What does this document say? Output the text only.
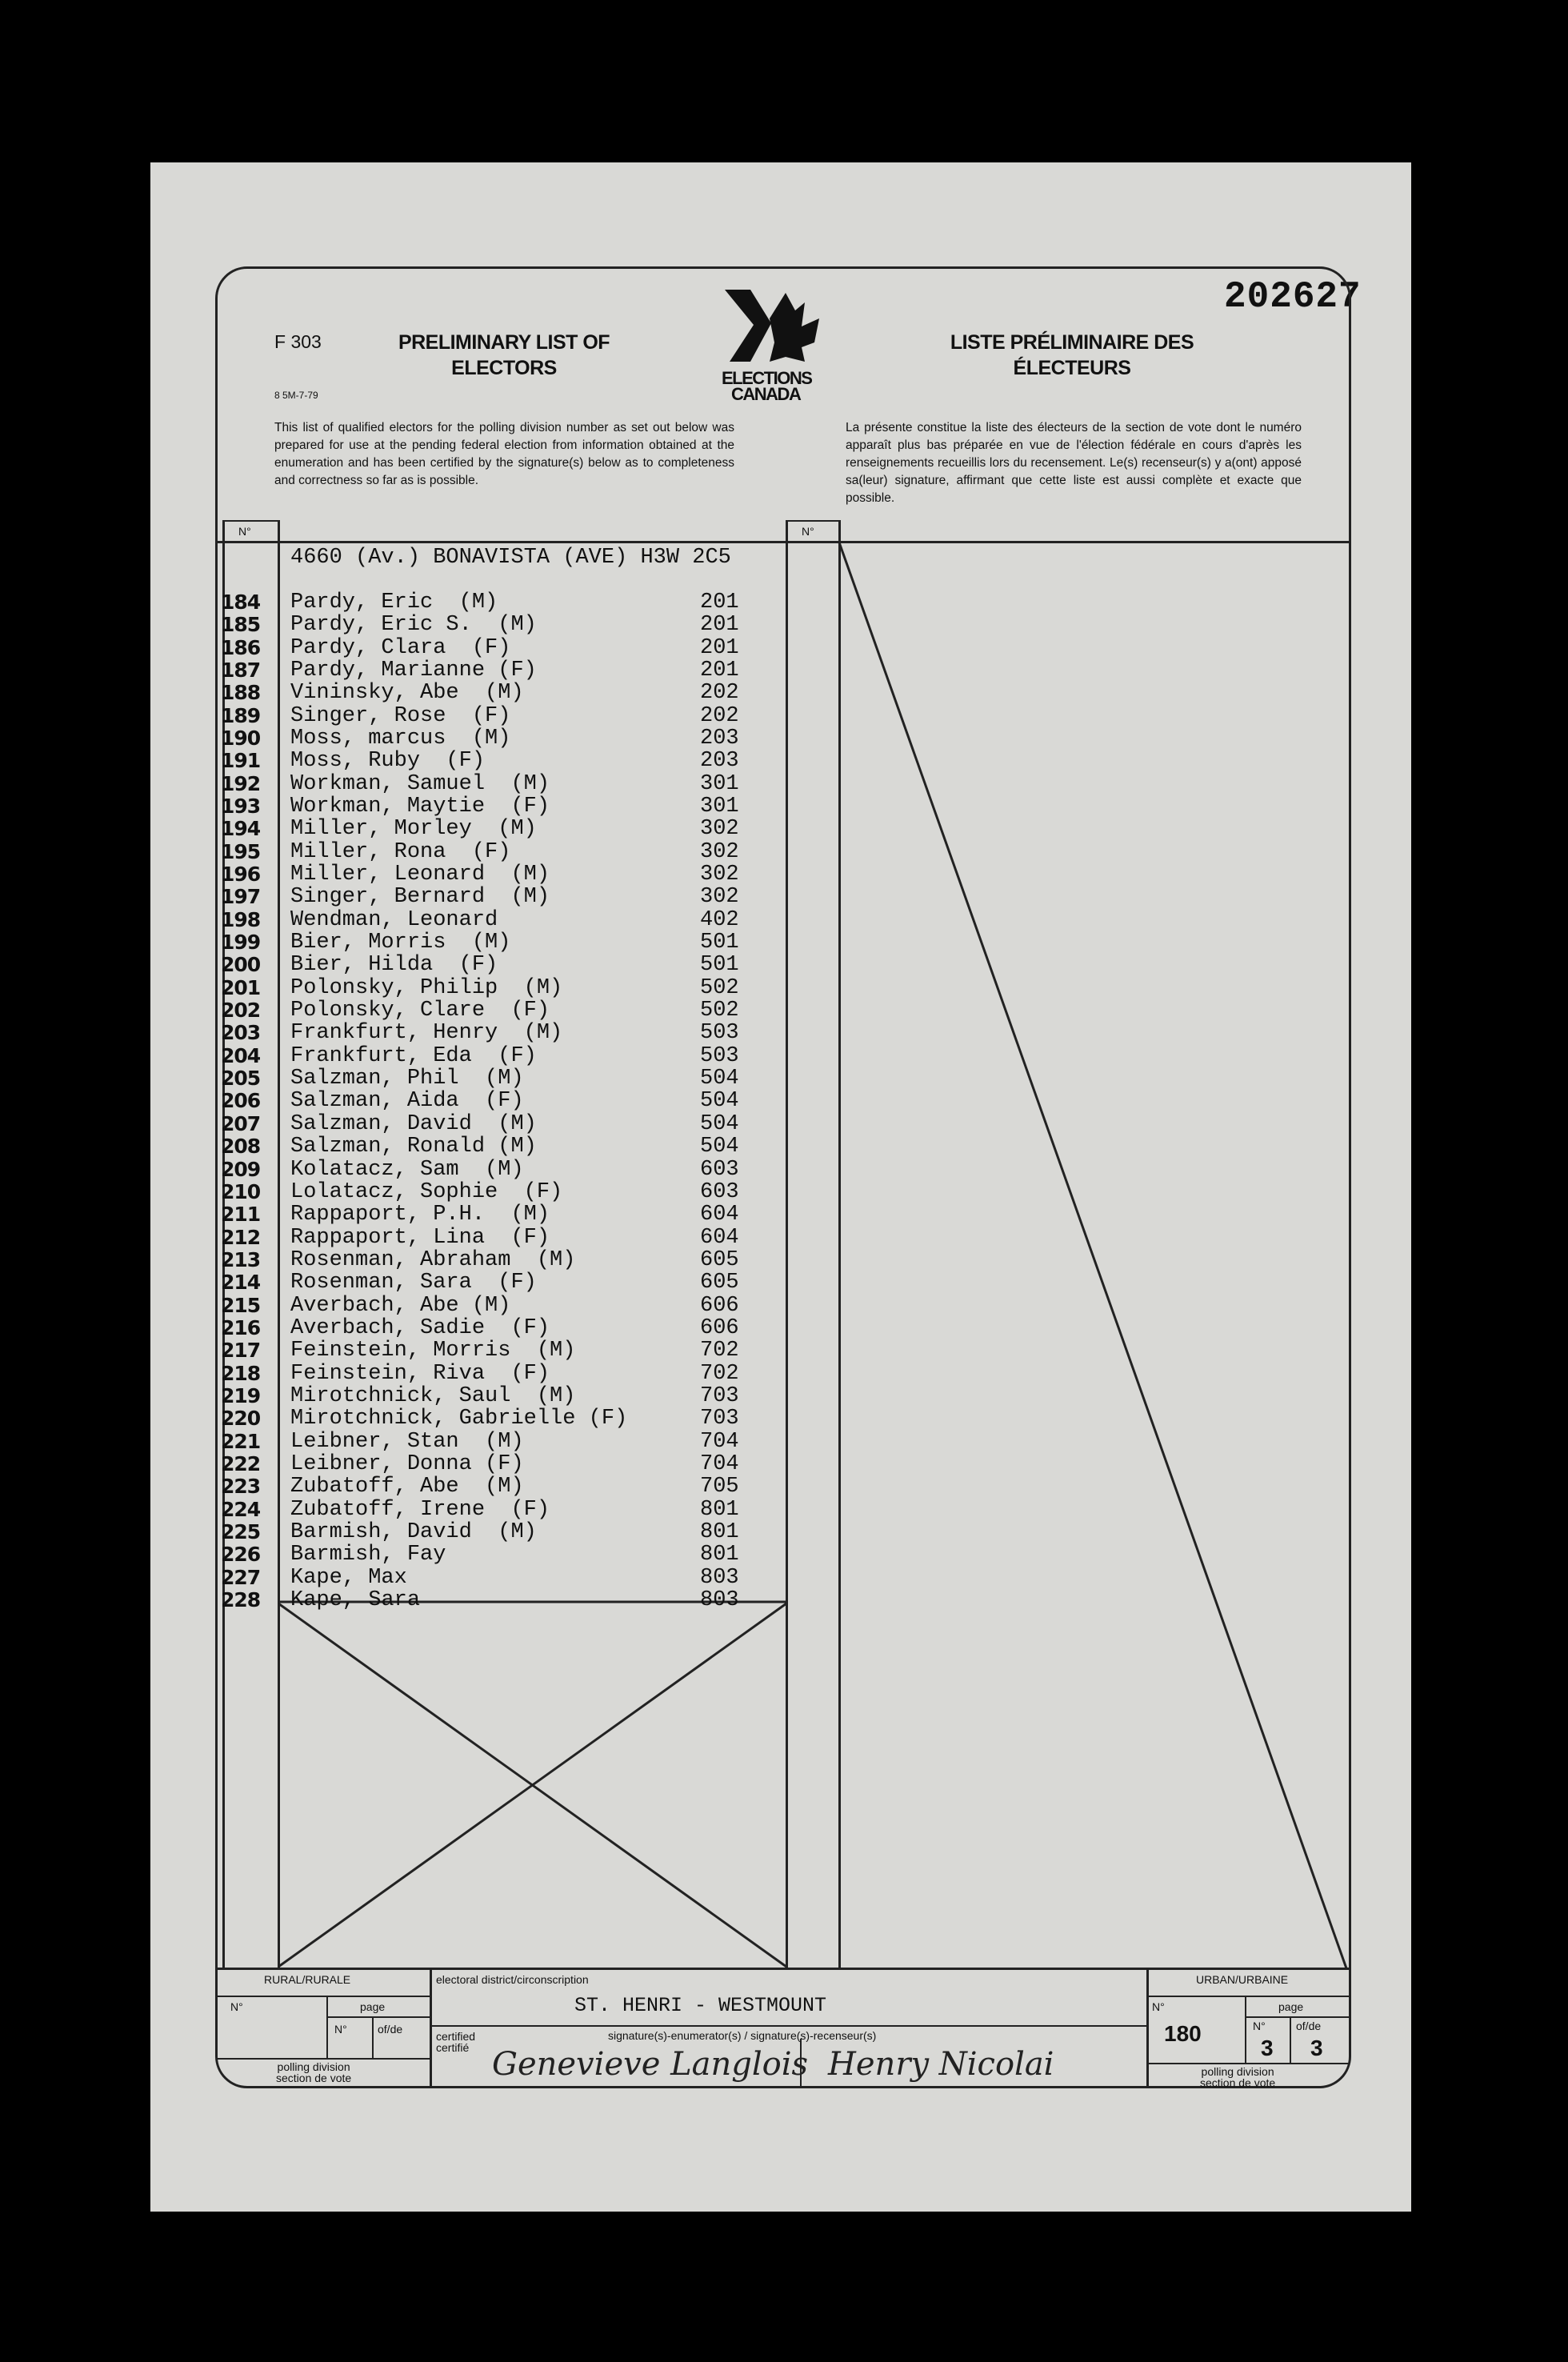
202627
F 303
8 5M-7-79
PRELIMINARY LIST OF
ELECTORS
LISTE PRÉLIMINAIRE DES
ÉLECTEURS
ELECTIONS
CANADA
This list of qualified electors for the polling division number as set out below was prepared for use at the pending federal election from information obtained at the enumeration and has been certified by the signature(s) below as to completeness and correctness so far as is possible.
La présente constitue la liste des électeurs de la section de vote dont le numéro apparaît plus bas préparée en vue de l'élection fédérale en cours d'après les renseignements recueillis lors du recensement. Le(s) recenseur(s) y a(ont) apposé sa(leur) signature, affirmant que cette liste est aussi complète et exacte que possible.
N°	N°
4660 (Av.) BONAVISTA (AVE) H3W 2C5
184 Pardy, Eric  (M)	201
185 Pardy, Eric S.  (M)	201
186 Pardy, Clara  (F)	201
187 Pardy, Marianne (F)	201
188 Vininsky, Abe  (M)	202
189 Singer, Rose  (F)	202
190 Moss, marcus  (M)	203
191 Moss, Ruby  (F)	203
192 Workman, Samuel  (M)	301
193 Workman, Maytie  (F)	301
194 Miller, Morley  (M)	302
195 Miller, Rona  (F)	302
196 Miller, Leonard  (M)	302
197 Singer, Bernard  (M)	302
198 Wendman, Leonard	402
199 Bier, Morris  (M)	501
200 Bier, Hilda  (F)	501
201 Polonsky, Philip  (M)	502
202 Polonsky, Clare  (F)	502
203 Frankfurt, Henry  (M)	503
204 Frankfurt, Eda  (F)	503
205 Salzman, Phil  (M)	504
206 Salzman, Aida  (F)	504
207 Salzman, David  (M)	504
208 Salzman, Ronald (M)	504
209 Kolatacz, Sam  (M)	603
210 Lolatacz, Sophie  (F)	603
211 Rappaport, P.H.  (M)	604
212 Rappaport, Lina  (F)	604
213 Rosenman, Abraham  (M)	605
214 Rosenman, Sara  (F)	605
215 Averbach, Abe (M)	606
216 Averbach, Sadie  (F)	606
217 Feinstein, Morris  (M)	702
218 Feinstein, Riva  (F)	702
219 Mirotchnick, Saul  (M)	703
220 Mirotchnick, Gabrielle (F)	703
221 Leibner, Stan  (M)	704
222 Leibner, Donna (F)	704
223 Zubatoff, Abe  (M)	705
224 Zubatoff, Irene  (F)	801
225 Barmish, David  (M)	801
226 Barmish, Fay	801
227 Kape, Max	803
228 Kape, Sara	803
RURAL/RURALE	URBAN/URBAINE
N°	page
N°	of/de
polling division
section de vote
electoral district/circonscription
ST. HENRI - WESTMOUNT
certified
certifié
signature(s)-enumerator(s) / signature(s)-recenseur(s)
Genevieve Langlois Henry Nicolai
N°
180
page
N°	of/de
3 3
polling division
section de vote
